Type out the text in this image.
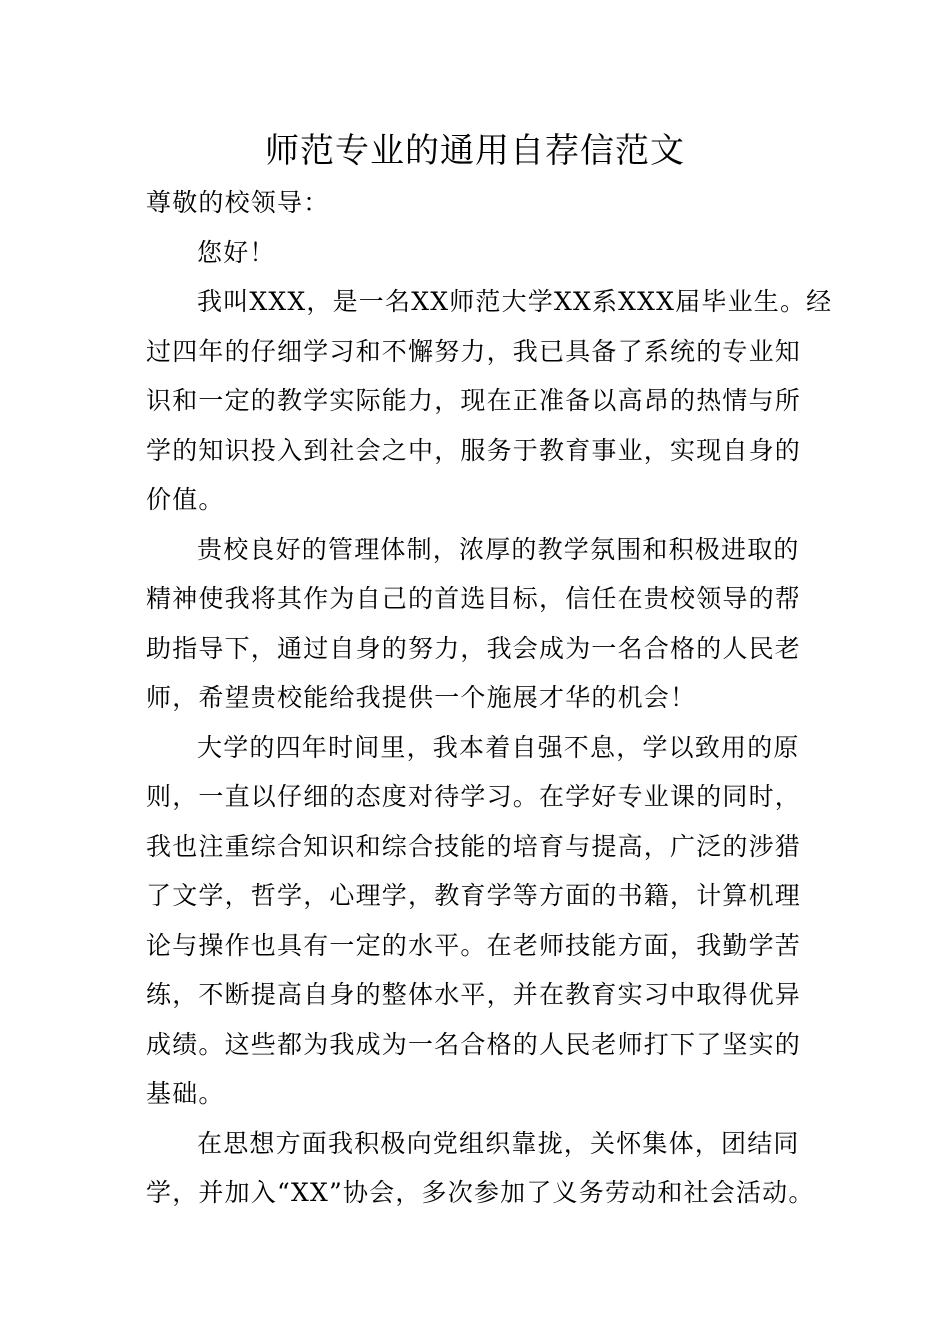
师范专业的通用自荐信范文
尊敬的校领导：
您好！
我叫XXX，是一名XX师范大学XX系XXX届毕业生。经
过四年的仔细学习和不懈努力，我已具备了系统的专业知
识和一定的教学实际能力，现在正准备以高昂的热情与所
学的知识投入到社会之中，服务于教育事业，实现自身的
价值。
贵校良好的管理体制，浓厚的教学氛围和积极进取的
精神使我将其作为自己的首选目标，信任在贵校领导的帮
助指导下，通过自身的努力，我会成为一名合格的人民老
师，希望贵校能给我提供一个施展才华的机会！
大学的四年时间里，我本着自强不息，学以致用的原
则，一直以仔细的态度对待学习。在学好专业课的同时，
我也注重综合知识和综合技能的培育与提高，广泛的涉猎
了文学，哲学，心理学，教育学等方面的书籍，计算机理
论与操作也具有一定的水平。在老师技能方面，我勤学苦
练，不断提高自身的整体水平，并在教育实习中取得优异
成绩。这些都为我成为一名合格的人民老师打下了坚实的
基础。
在思想方面我积极向党组织靠拢，关怀集体，团结同
学，并加入“XX”协会，多次参加了义务劳动和社会活动。
